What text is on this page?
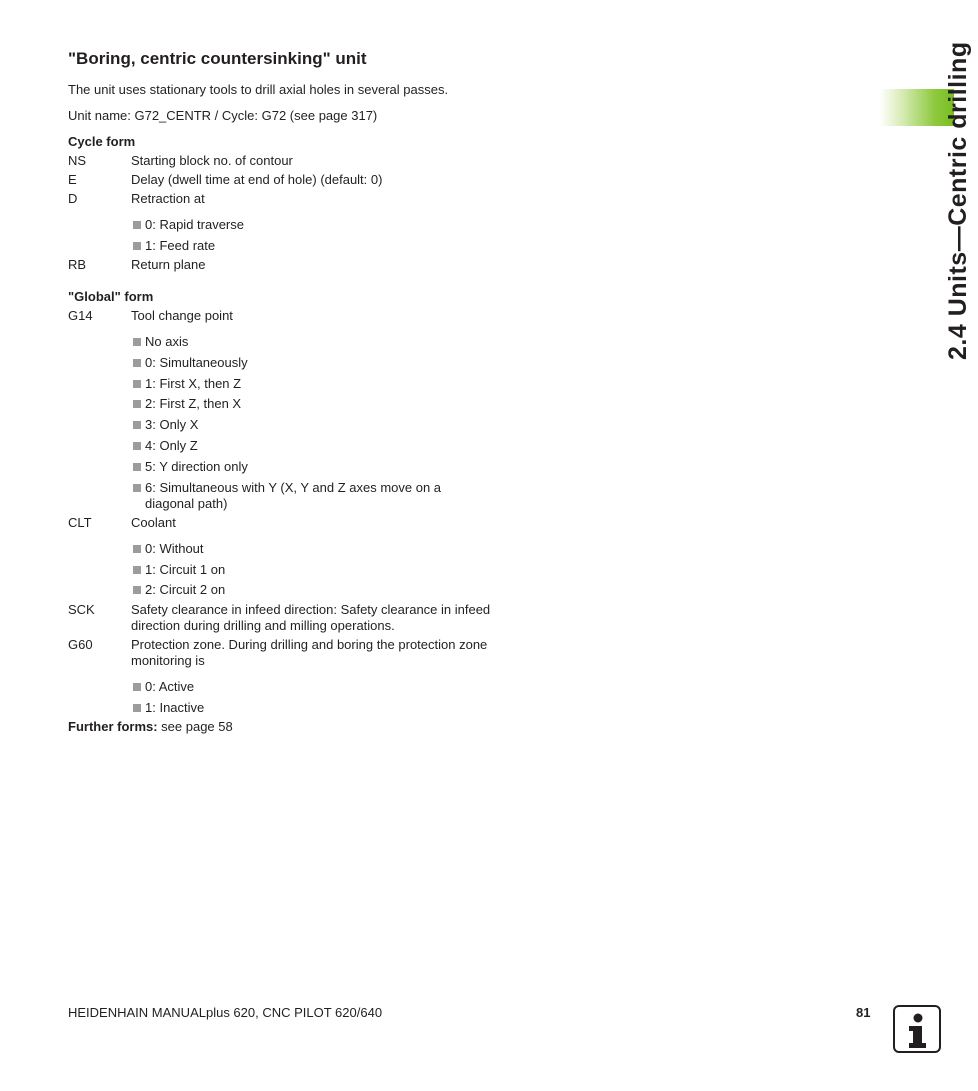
"Boring, centric countersinking" unit

The unit uses stationary tools to drill axial holes in several passes.

Unit name: G72_CENTR / Cycle: G72 (see page 317)

Cycle form
NS	Starting block no. of contour
E	Delay (dwell time at end of hole) (default: 0)
D	Retraction at
0: Rapid traverse
1: Feed rate
RB	Return plane
"Global" form
G14	Tool change point
No axis
0: Simultaneously
1: First X, then Z
2: First Z, then X
3: Only X
4: Only Z
5: Y direction only
6: Simultaneous with Y (X, Y and Z axes move on a diagonal path)
CLT	Coolant
0: Without
1: Circuit 1 on
2: Circuit 2 on
SCK	Safety clearance in infeed direction: Safety clearance in infeed direction during drilling and milling operations.
G60	Protection zone. During drilling and boring the protection zone monitoring is
0: Active
1: Inactive
Further forms: see page 58
2.4 Units—Centric drilling
HEIDENHAIN MANUALplus 620, CNC PILOT 620/640	81
